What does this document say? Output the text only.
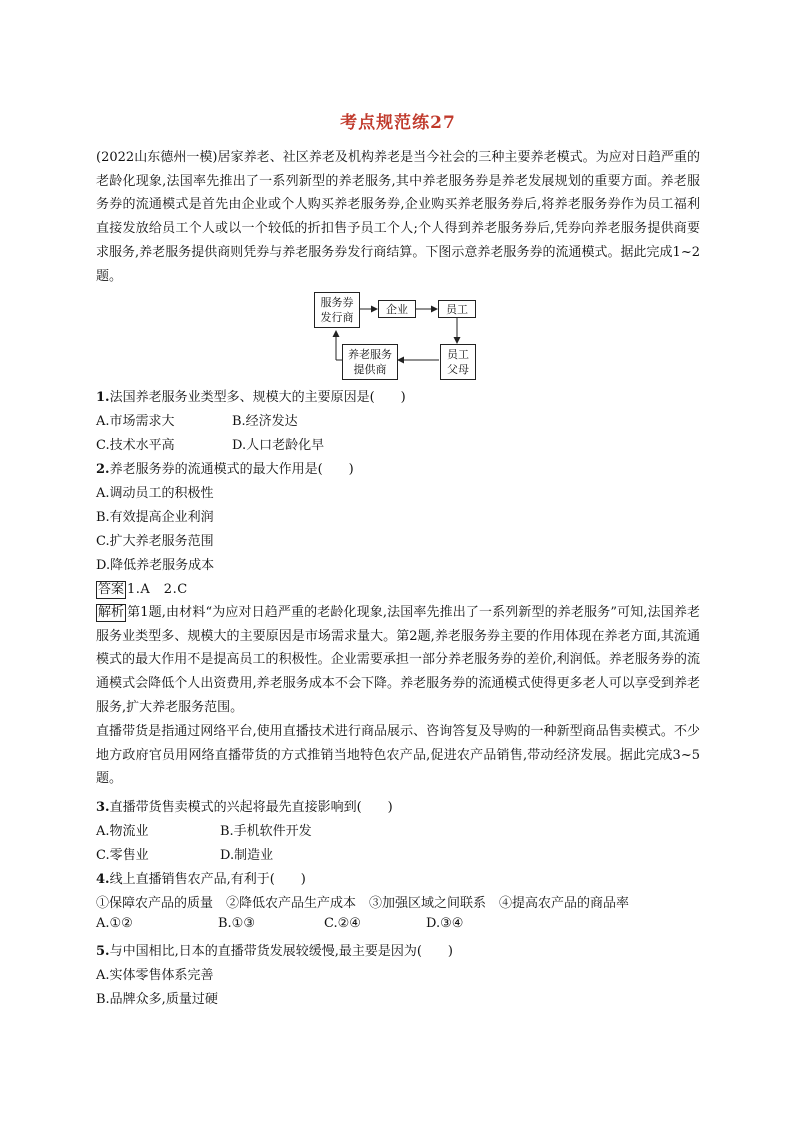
考点规范练27
(2022山东德州一模)居家养老、社区养老及机构养老是当今社会的三种主要养老模式。为应对日趋严重的老龄化现象,法国率先推出了一系列新型的养老服务,其中养老服务券是养老发展规划的重要方面。养老服务券的流通模式是首先由企业或个人购买养老服务券,企业购买养老服务券后,将养老服务券作为员工福利直接发放给员工个人或以一个较低的折扣售予员工个人;个人得到养老服务券后,凭券向养老服务提供商要求服务,养老服务提供商则凭券与养老服务券发行商结算。下图示意养老服务券的流通模式。据此完成1~2题。
服务券
发行商
企业	员工
员工
父母
养老服务
提供商
1.法国养老服务业类型多、规模大的主要原因是(　　)
A.市场需求大	B.经济发达
C.技术水平高	D.人口老龄化早
2.养老服务券的流通模式的最大作用是(　　)
A.调动员工的积极性
B.有效提高企业利润
C.扩大养老服务范围
D.降低养老服务成本
答案 1.A　2.C
解析 第1题,由材料“为应对日趋严重的老龄化现象,法国率先推出了一系列新型的养老服务”可知,法国养老服务业类型多、规模大的主要原因是市场需求量大。第2题,养老服务券主要的作用体现在养老方面,其流通模式的最大作用不是提高员工的积极性。企业需要承担一部分养老服务券的差价,利润低。养老服务券的流通模式会降低个人出资费用,养老服务成本不会下降。养老服务券的流通模式使得更多老人可以享受到养老服务,扩大养老服务范围。
直播带货是指通过网络平台,使用直播技术进行商品展示、咨询答复及导购的一种新型商品售卖模式。不少地方政府官员用网络直播带货的方式推销当地特色农产品,促进农产品销售,带动经济发展。据此完成3~5题。
3.直播带货售卖模式的兴起将最先直接影响到(　　)
A.物流业	B.手机软件开发
C.零售业	D.制造业
4.线上直播销售农产品,有利于(　　)
①保障农产品的质量　②降低农产品生产成本　③加强区域之间联系　④提高农产品的商品率
A.①②	B.①③	C.②④	D.③④
5.与中国相比,日本的直播带货发展较缓慢,最主要是因为(　　)
A.实体零售体系完善
B.品牌众多,质量过硬
